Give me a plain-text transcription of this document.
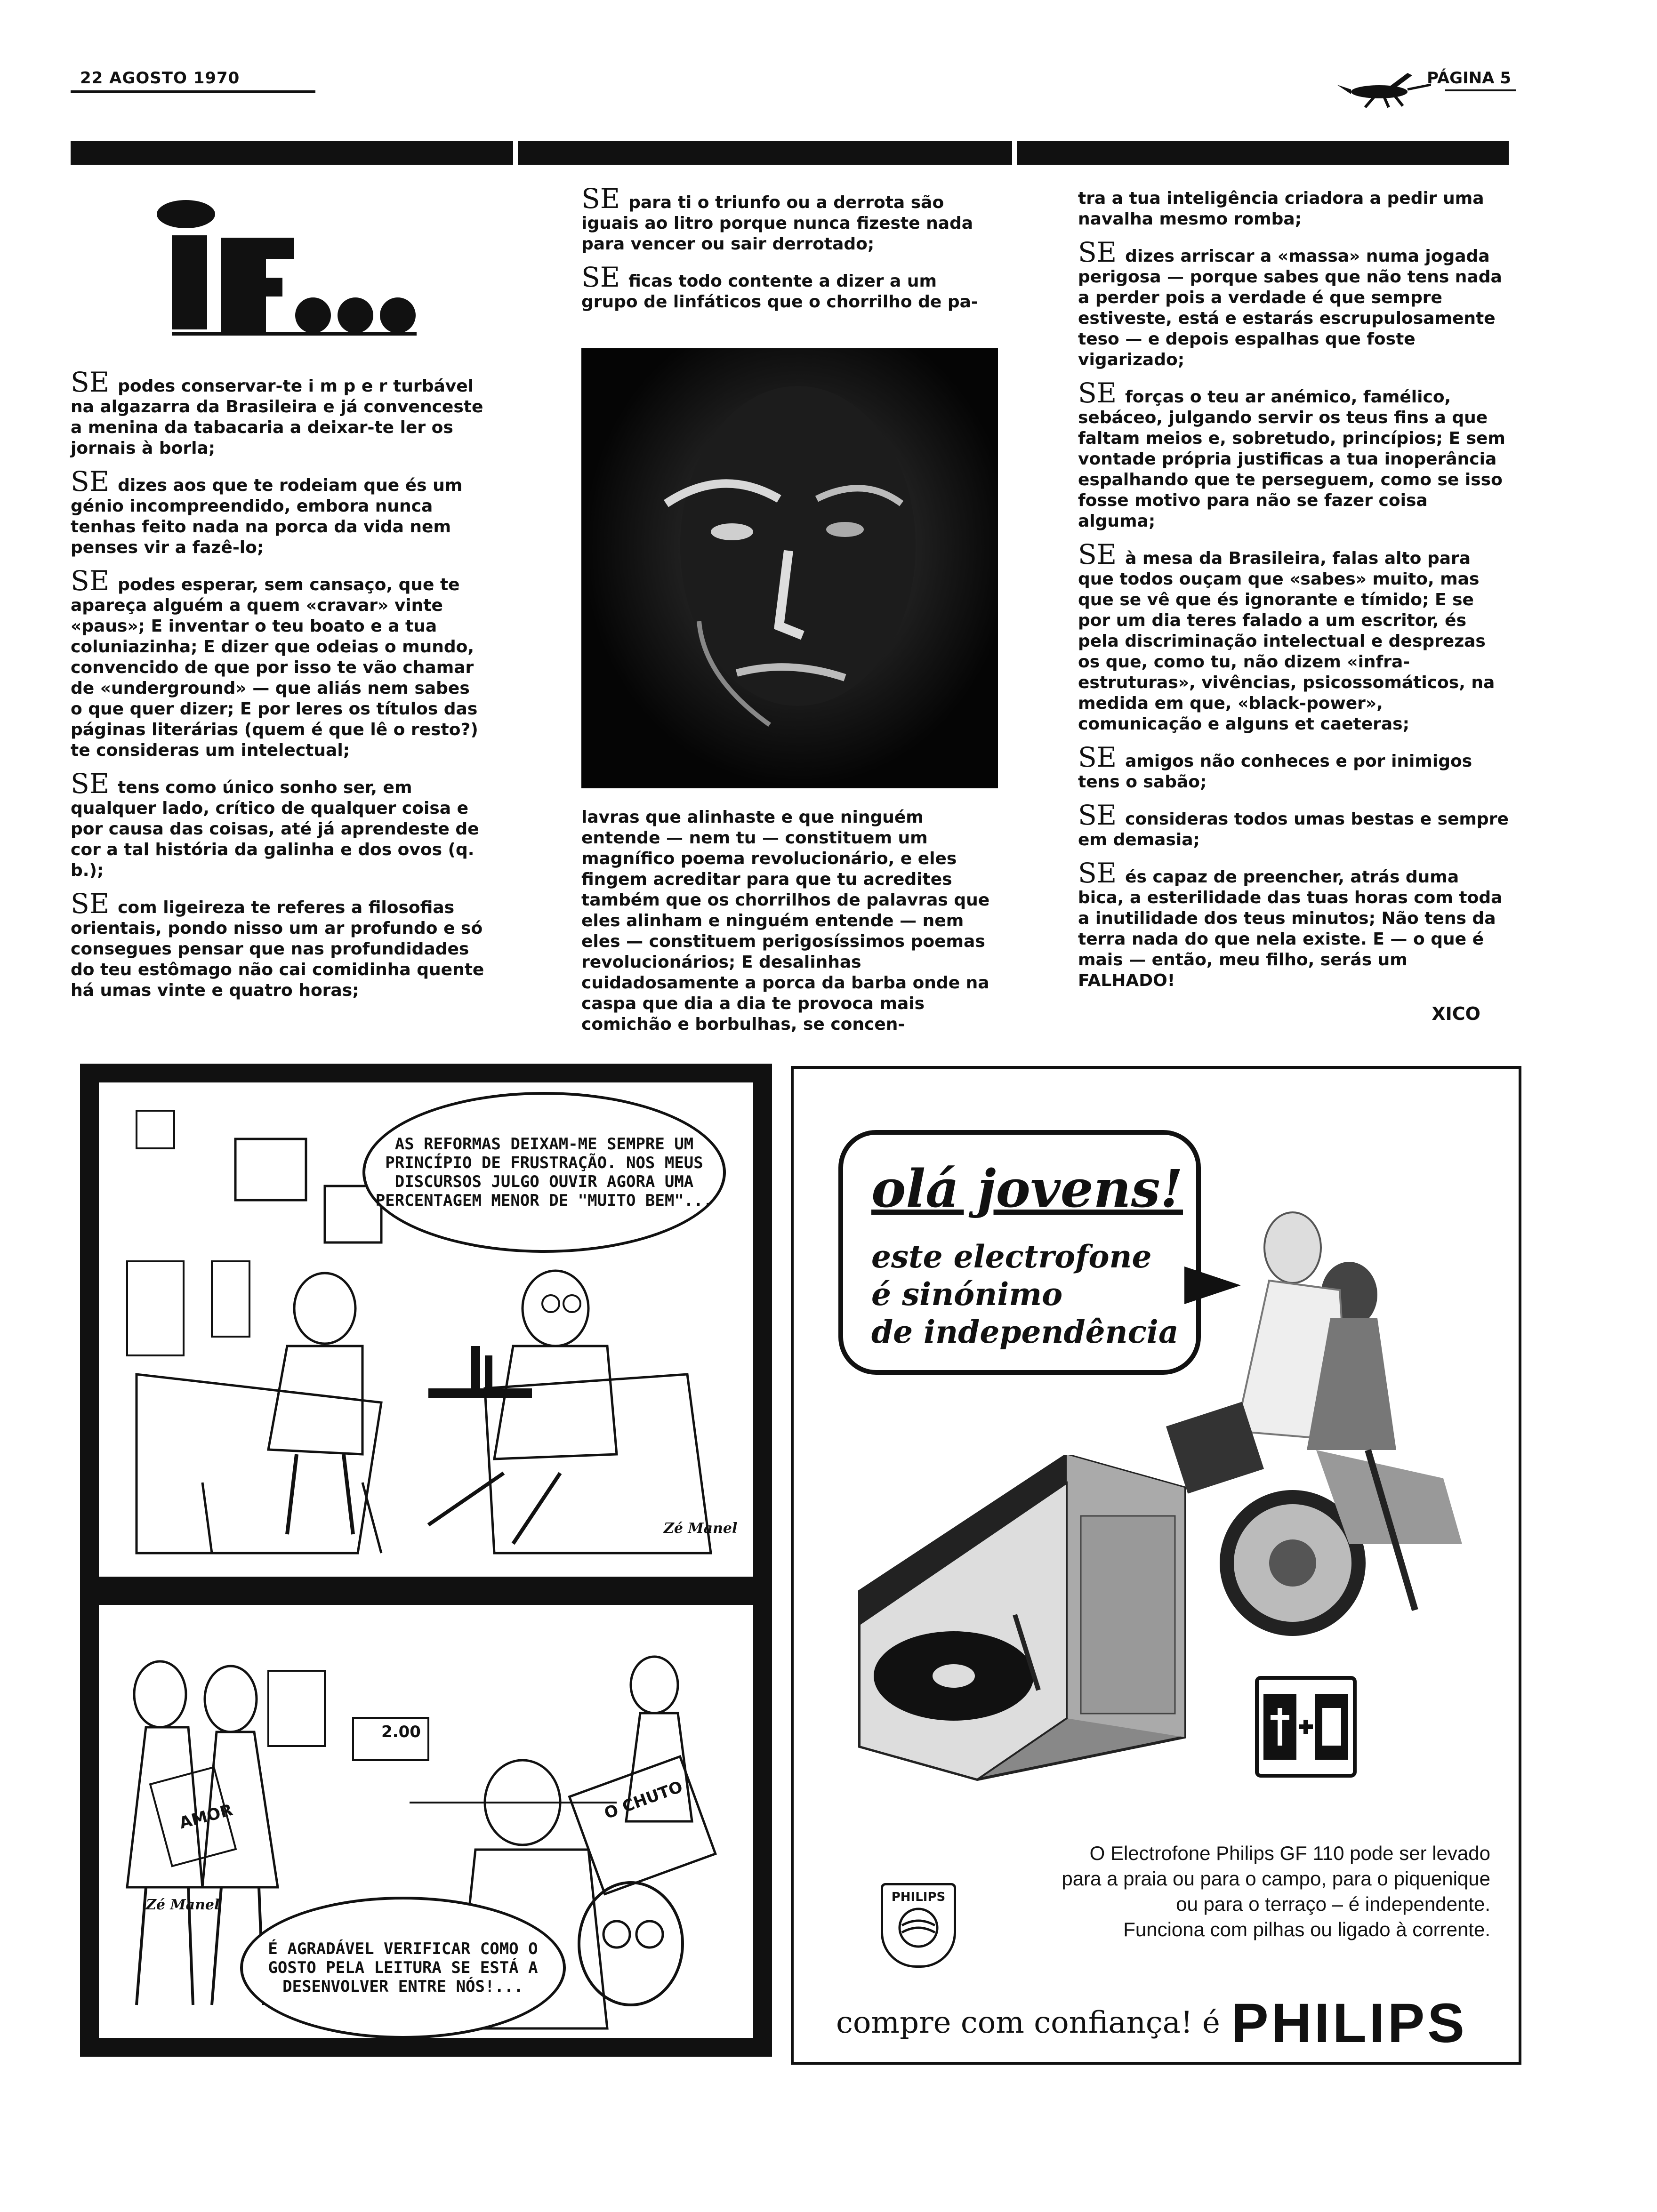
22 AGOSTO 1970	PÁGINA 5

SE podes conservar-te i m p e r turbável na algazarra da Brasileira e já convenceste a menina da tabacaria a deixar-te ler os jornais à borla;

SE dizes aos que te rodeiam que és um génio incompreendido, embora nunca tenhas feito nada na porca da vida nem penses vir a fazê-lo;

SE podes esperar, sem cansaço, que te apareça alguém a quem «cravar» vinte «paus»; E inventar o teu boato e a tua coluniazinha; E dizer que odeias o mundo, convencido de que por isso te vão chamar de «underground» — que aliás nem sabes o que quer dizer; E por leres os títulos das páginas literárias (quem é que lê o resto?) te consideras um intelectual;

SE tens como único sonho ser, em qualquer lado, crítico de qualquer coisa e por causa das coisas, até já aprendeste de cor a tal história da galinha e dos ovos (q. b.);

SE com ligeireza te referes a filosofias orientais, pondo nisso um ar profundo e só consegues pensar que nas profundidades do teu estômago não cai comidinha quente há umas vinte e quatro horas;

SE para ti o triunfo ou a derrota são iguais ao litro porque nunca fizeste nada para vencer ou sair derrotado;

SE ficas todo contente a dizer a um grupo de linfáticos que o chorrilho de pa-

lavras que alinhaste e que ninguém entende — nem tu — constituem um magnífico poema revolucionário, e eles fingem acreditar para que tu acredites também que os chorrilhos de palavras que eles alinham e ninguém entende — nem eles — constituem perigosíssimos poemas revolucionários; E desalinhas cuidadosamente a porca da barba onde na caspa que dia a dia te provoca mais comichão e borbulhas, se concen-

tra a tua inteligência criadora a pedir uma navalha mesmo romba;

SE dizes arriscar a «massa» numa jogada perigosa — porque sabes que não tens nada a perder pois a verdade é que sempre estiveste, está e estarás escrupulosamente teso — e depois espalhas que foste vigarizado;

SE forças o teu ar anémico, famélico, sebáceo, julgando servir os teus fins a que faltam meios e, sobretudo, princípios; E sem vontade própria justificas a tua inoperância espalhando que te perseguem, como se isso fosse motivo para não se fazer coisa alguma;

SE à mesa da Brasileira, falas alto para que todos ouçam que «sabes» muito, mas que se vê que és ignorante e tímido; E se por um dia teres falado a um escritor, és pela discriminação intelectual e desprezas os que, como tu, não dizem «infra-estruturas», vivências, psicossomáticos, na medida em que, «black-power», comunicação e alguns et caeteras;

SE amigos não conheces e por inimigos tens o sabão;

SE consideras todos umas bestas e sempre em demasia;

SE és capaz de preencher, atrás duma bica, a esterilidade das tuas horas com toda a inutilidade dos teus minutos; Não tens da terra nada do que nela existe. E — o que é mais — então, meu filho, serás um FALHADO!

XICO
AS REFORMAS DEIXAM-ME SEMPRE UM PRINCÍPIO DE FRUSTRAÇÃO. NOS MEUS DISCURSOS JULGO OUVIR AGORA UMA PERCENTAGEM MENOR DE "MUITO BEM"...
Zé Manel
O CHUTO
2.00
AMOR
É AGRADÁVEL VERIFICAR COMO O GOSTO PELA LEITURA SE ESTÁ A DESENVOLVER ENTRE NÓS!...
Zé Manel
olá jovens!
este electrofone
é sinónimo
de independência
O Electrofone Philips GF 110 pode ser levado
para a praia ou para o campo, para o piquenique
ou para o terraço – é independente.
Funciona com pilhas ou ligado à corrente.
PHILIPS
compre com confiança! é PHILIPS
